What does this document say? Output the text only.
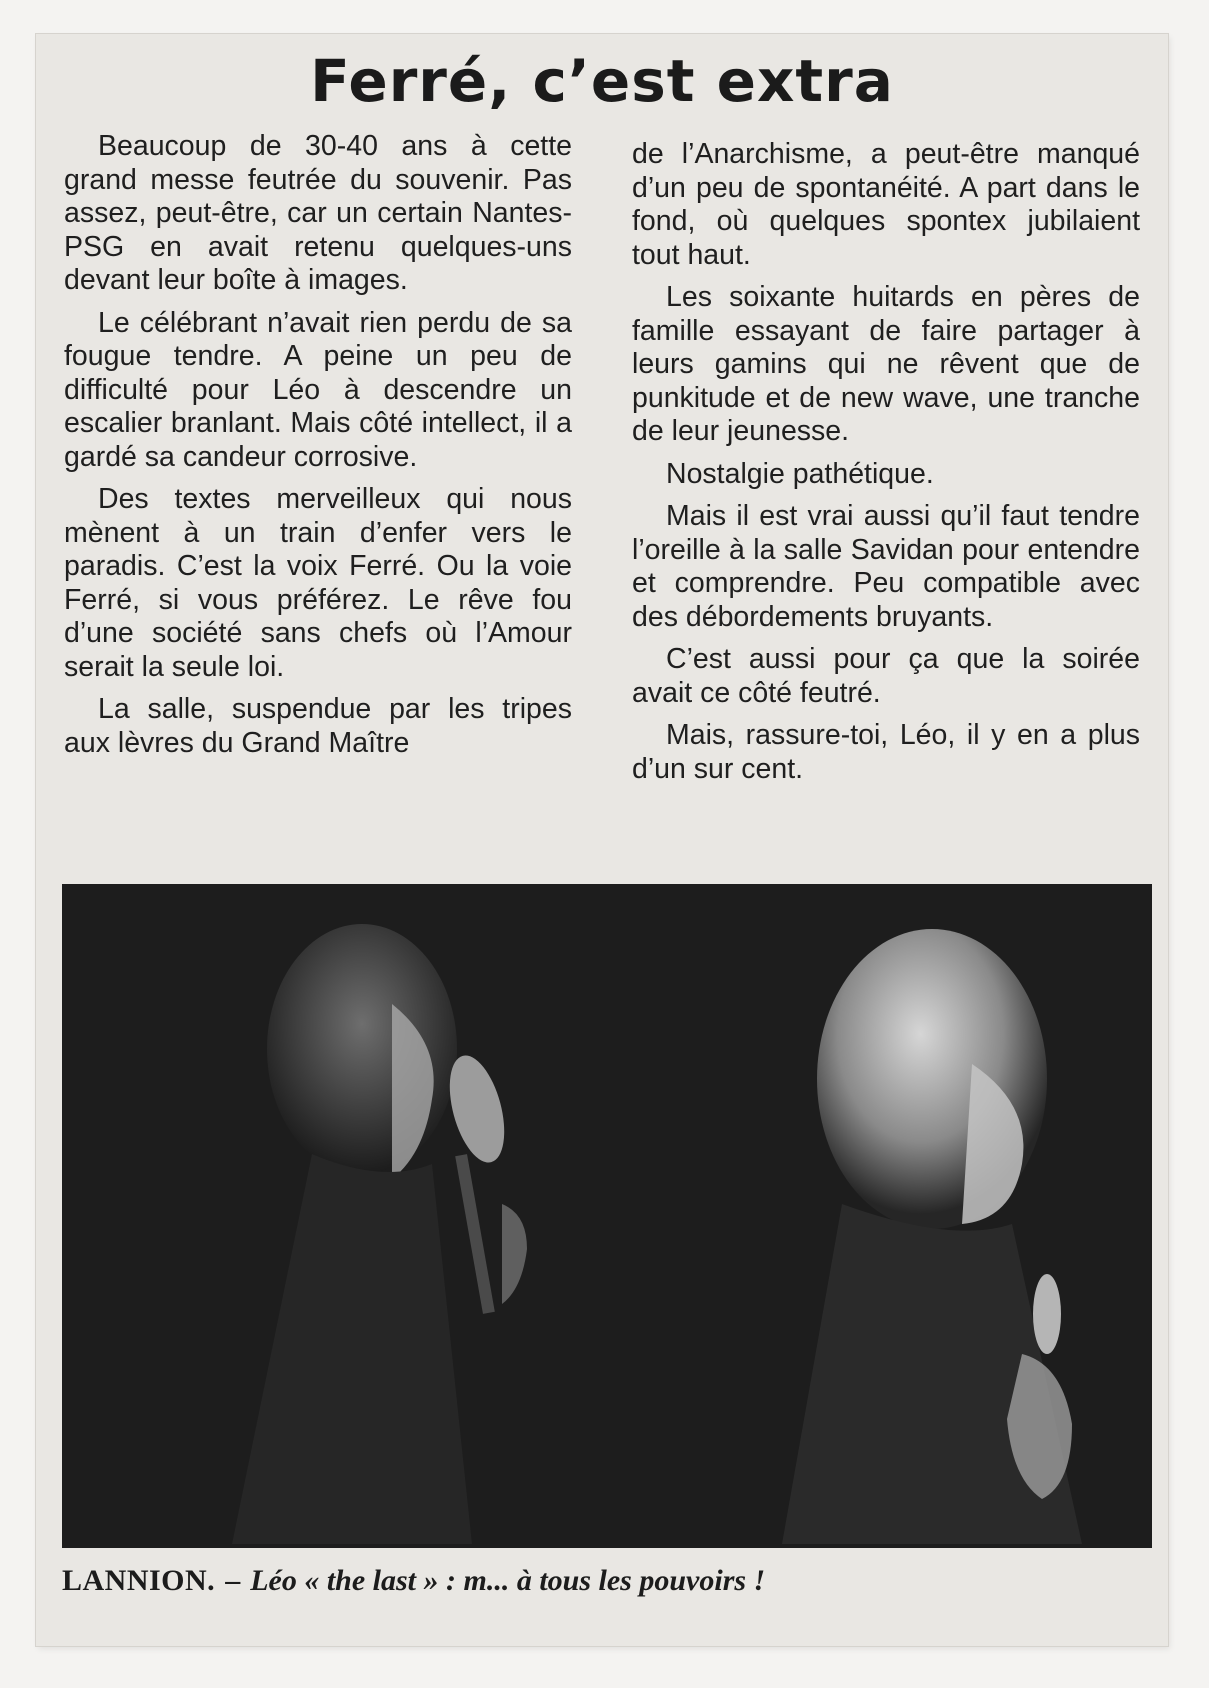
Ferré, c’est extra

Beaucoup de 30-40 ans à cette grand messe feutrée du souvenir. Pas assez, peut-être, car un certain Nantes-PSG en avait retenu quelques-uns devant leur boîte à images.

Le célébrant n’avait rien perdu de sa fougue tendre. A peine un peu de difficulté pour Léo à descendre un escalier branlant. Mais côté intellect, il a gardé sa candeur corrosive.

Des textes merveilleux qui nous mènent à un train d’enfer vers le paradis. C’est la voix Ferré. Ou la voie Ferré, si vous préférez. Le rêve fou d’une société sans chefs où l’Amour serait la seule loi.

La salle, suspendue par les tripes aux lèvres du Grand Maître

de l’Anarchisme, a peut-être manqué d’un peu de spontanéité. A part dans le fond, où quelques spontex jubilaient tout haut.

Les soixante huitards en pères de famille essayant de faire partager à leurs gamins qui ne rêvent que de punkitude et de new wave, une tranche de leur jeunesse.

Nostalgie pathétique.

Mais il est vrai aussi qu’il faut tendre l’oreille à la salle Savidan pour entendre et comprendre. Peu compatible avec des débordements bruyants.

C’est aussi pour ça que la soirée avait ce côté feutré.

Mais, rassure-toi, Léo, il y en a plus d’un sur cent.

LANNION. – Léo « the last » : m... à tous les pouvoirs !
